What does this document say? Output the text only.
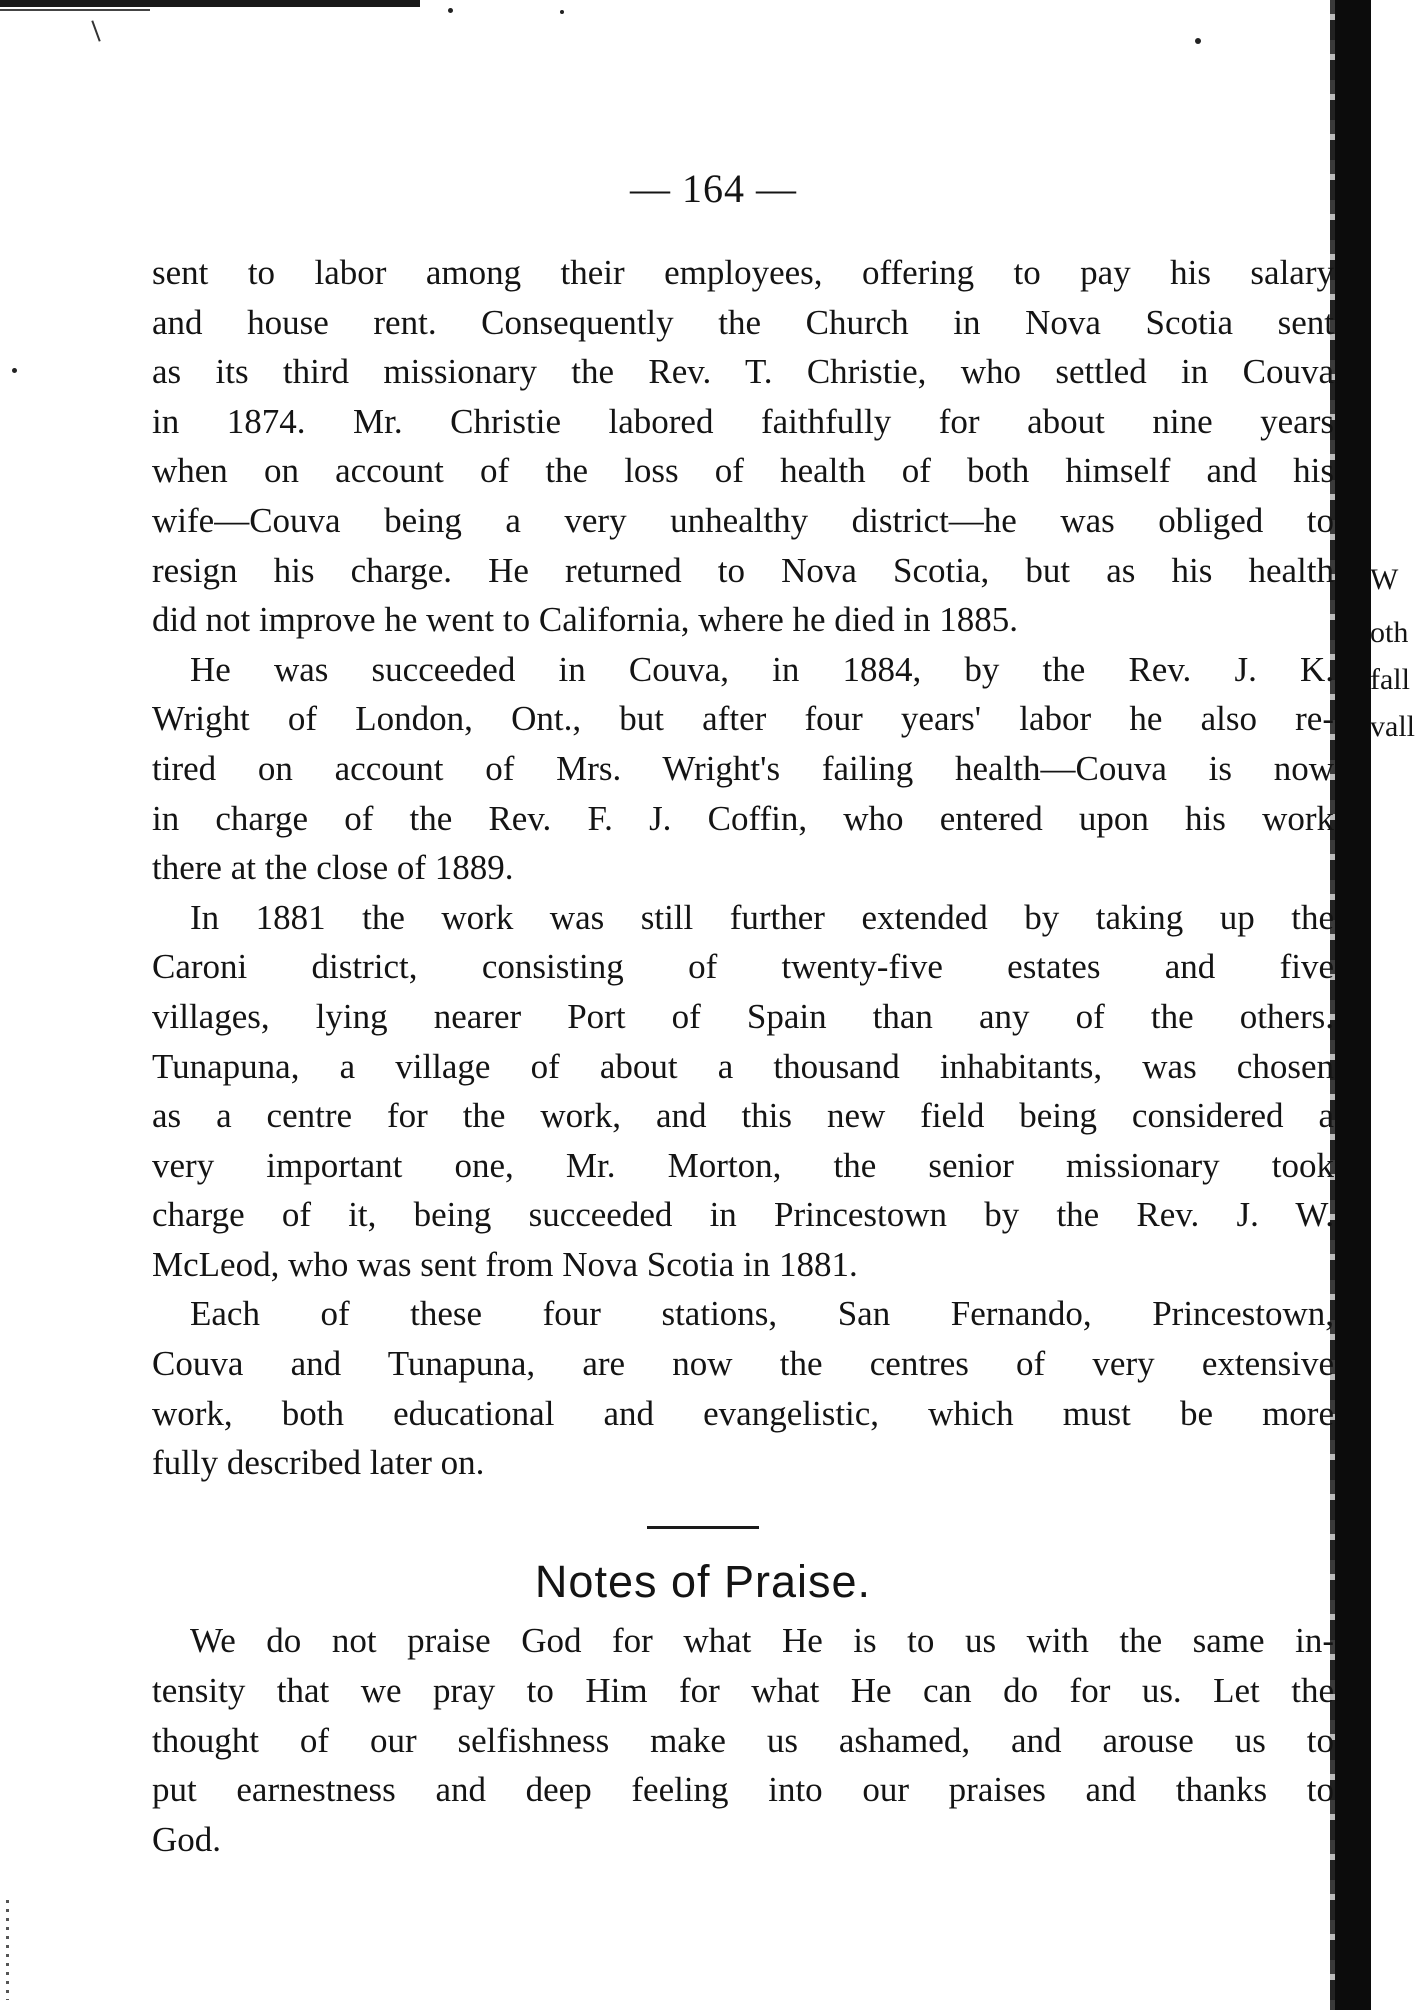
W
oth
fall
vall
— 164 —

sent to labor among their employees, offering to pay his salary
and house rent. Consequently the Church in Nova Scotia sent
as its third missionary the Rev. T. Christie, who settled in Couva
in 1874. Mr. Christie labored faithfully for about nine years
when on account of the loss of health of both himself and his
wife—Couva being a very unhealthy district—he was obliged to
resign his charge. He returned to Nova Scotia, but as his health
did not improve he went to California, where he died in 1885.

He was succeeded in Couva, in 1884, by the Rev. J. K.
Wright of London, Ont., but after four years' labor he also re-
tired on account of Mrs. Wright's failing health—Couva is now
in charge of the Rev. F. J. Coffin, who entered upon his work
there at the close of 1889.

In 1881 the work was still further extended by taking up the
Caroni district, consisting of twenty-five estates and five
villages, lying nearer Port of Spain than any of the others.
Tunapuna, a village of about a thousand inhabitants, was chosen
as a centre for the work, and this new field being considered a
very important one, Mr. Morton, the senior missionary took
charge of it, being succeeded in Princestown by the Rev. J. W.
McLeod, who was sent from Nova Scotia in 1881.

Each of these four stations, San Fernando, Princestown,
Couva and Tunapuna, are now the centres of very extensive
work, both educational and evangelistic, which must be more
fully described later on.

Notes of Praise.

We do not praise God for what He is to us with the same in-
tensity that we pray to Him for what He can do for us. Let the
thought of our selfishness make us ashamed, and arouse us to
put earnestness and deep feeling into our praises and thanks to
God.
